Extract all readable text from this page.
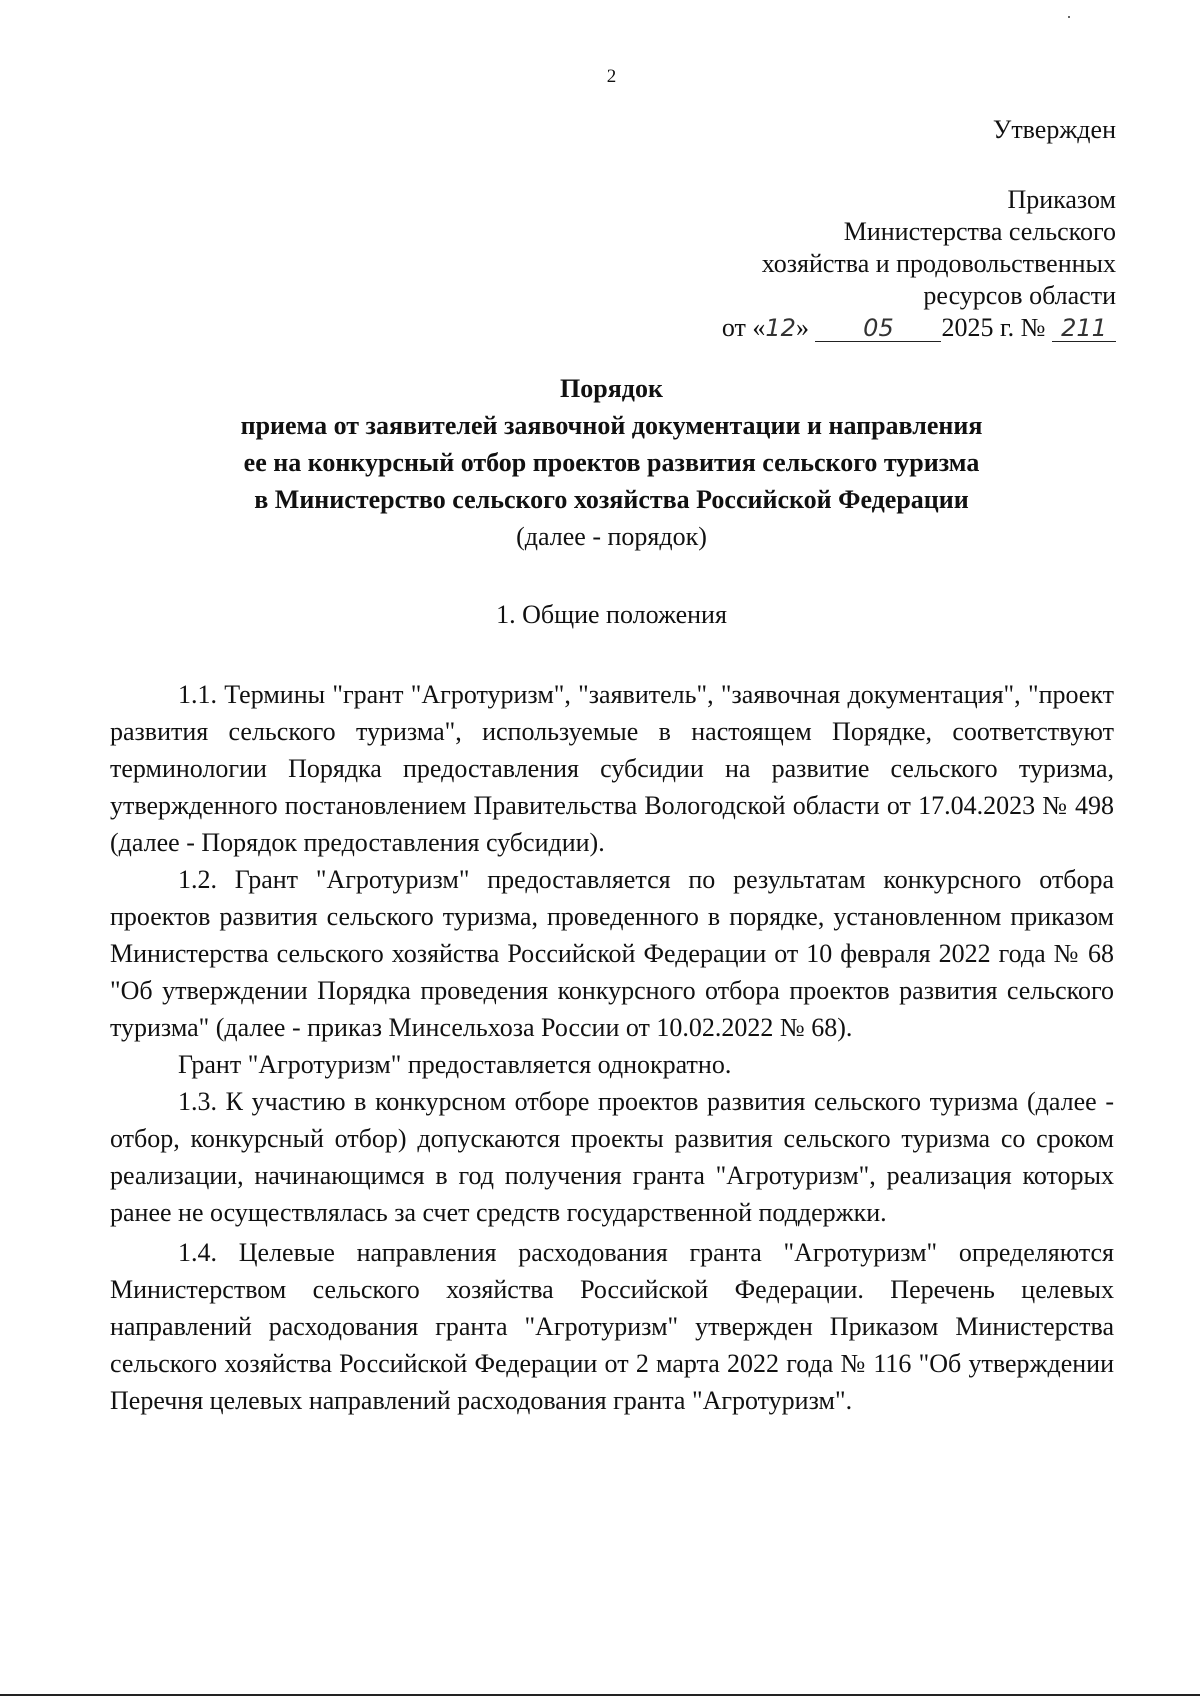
2
Утвержден
Приказом
Министерства сельского
хозяйства и продовольственных
ресурсов области
от «12» 05 2025 г. № 211
Порядок
приема от заявителей заявочной документации и направления
ее на конкурсный отбор проектов развития сельского туризма
в Министерство сельского хозяйства Российской Федерации
(далее - порядок)
1. Общие положения

1.1. Термины "грант "Агротуризм", "заявитель", "заявочная документация", "проект развития сельского туризма", используемые в настоящем Порядке, соответствуют терминологии Порядка предоставления субсидии на развитие сельского туризма, утвержденного постановлением Правительства Вологодской области от 17.04.2023 № 498 (далее - Порядок предоставления субсидии).

1.2. Грант "Агротуризм" предоставляется по результатам конкурсного отбора проектов развития сельского туризма, проведенного в порядке, установленном приказом Министерства сельского хозяйства Российской Федерации от 10 февраля 2022 года № 68 "Об утверждении Порядка проведения конкурсного отбора проектов развития сельского туризма" (далее - приказ Минсельхоза России от 10.02.2022 № 68).

Грант "Агротуризм" предоставляется однократно.

1.3. К участию в конкурсном отборе проектов развития сельского туризма (далее - отбор, конкурсный отбор) допускаются проекты развития сельского туризма со сроком реализации, начинающимся в год получения гранта "Агротуризм", реализация которых ранее не осуществлялась за счет средств государственной поддержки.

1.4. Целевые направления расходования гранта "Агротуризм" определяются Министерством сельского хозяйства Российской Федерации. Перечень целевых направлений расходования гранта "Агротуризм" утвержден Приказом Министерства сельского хозяйства Российской Федерации от 2 марта 2022 года № 116 "Об утверждении Перечня целевых направлений расходования гранта "Агротуризм".
